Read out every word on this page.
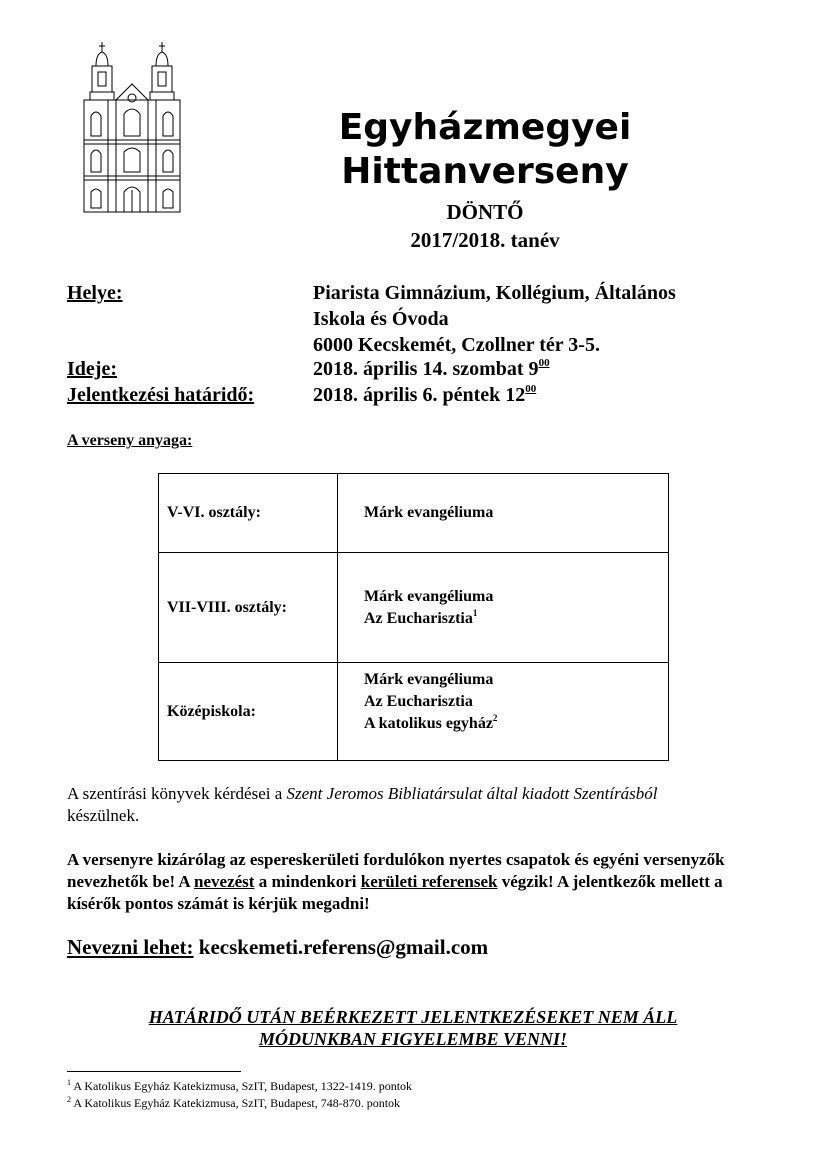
Egyházmegyei
Hittanverseny
DÖNTŐ
2017/2018. tanév
Helye:	Piarista Gimnázium, Kollégium, Általános
Iskola és Óvoda
6000 Kecskemét, Czollner tér 3-5.
Ideje:	2018. április 14. szombat $9^{00}$
Jelentkezési határidő:	2018. április 6. péntek $12^{00}$
A verseny anyaga:
V-VI. osztály:	Márk evangéliuma

VII-VIII. osztály:	Márk evangéliuma
Az Eucharisztia$^1$

Középiskola:	Márk evangéliuma
Az Eucharisztia
A katolikus egyház$^2$
A szentírási könyvek kérdései a Szent Jeromos Bibliatársulat által kiadott Szentírásból
készülnek.
A versenyre kizárólag az espereskerületi fordulókon nyertes csapatok és egyéni versenyzők nevezhetők be! A nevezést a mindenkori kerületi referensek végzik! A jelentkezők mellett a kísérők pontos számát is kérjük megadni!
Nevezni lehet: kecskemeti.referens@gmail.com
HATÁRIDŐ UTÁN BEÉRKEZETT JELENTKEZÉSEKET NEM ÁLL
MÓDUNKBAN FIGYELEMBE VENNI!
$^1$ A Katolikus Egyház Katekizmusa, SzIT, Budapest, 1322-1419. pontok
$^2$ A Katolikus Egyház Katekizmusa, SzIT, Budapest, 748-870. pontok
